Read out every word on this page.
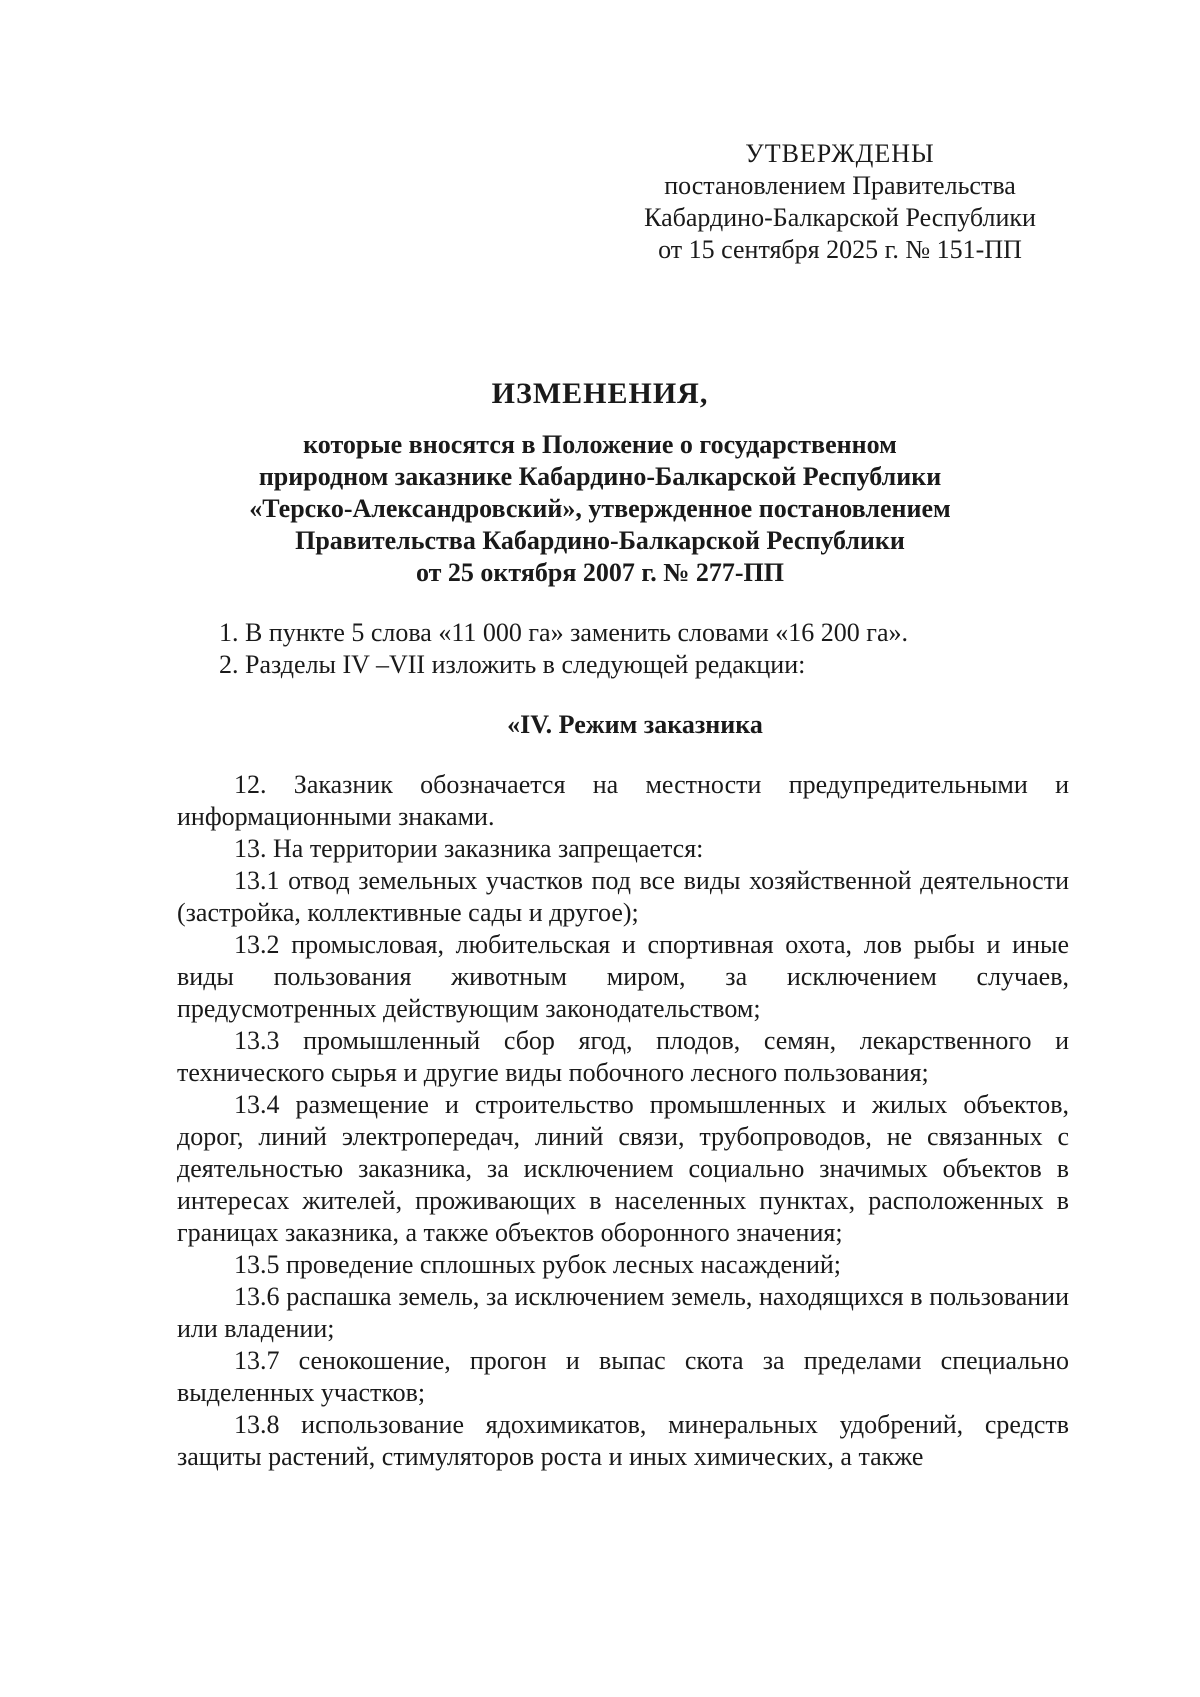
УТВЕРЖДЕНЫ
постановлением Правительства
Кабардино-Балкарской Республики
от 15 сентября 2025 г. № 151-ПП
ИЗМЕНЕНИЯ,
которые вносятся в Положение о государственном
природном заказнике Кабардино-Балкарской Республики
«Терско-Александровский», утвержденное постановлением
Правительства Кабардино-Балкарской Республики
от 25 октября 2007 г. № 277-ПП

1. В пункте 5 слова «11 000 га» заменить словами «16 200 га».

2. Разделы IV –VII изложить в следующей редакции:

«IV. Режим заказника

12. Заказник обозначается на местности предупредительными и информационными знаками.

13. На территории заказника запрещается:

13.1 отвод земельных участков под все виды хозяйственной деятельности (застройка, коллективные сады и другое);

13.2 промысловая, любительская и спортивная охота, лов рыбы и иные виды пользования животным миром, за исключением случаев, предусмотренных действующим законодательством;

13.3 промышленный сбор ягод, плодов, семян, лекарственного и технического сырья и другие виды побочного лесного пользования;

13.4 размещение и строительство промышленных и жилых объектов, дорог, линий электропередач, линий связи, трубопроводов, не связанных с деятельностью заказника, за исключением социально значимых объектов в интересах жителей, проживающих в населенных пунктах, расположенных в границах заказника, а также объектов оборонного значения;

13.5 проведение сплошных рубок лесных насаждений;

13.6 распашка земель, за исключением земель, находящихся в пользовании или владении;

13.7 сенокошение, прогон и выпас скота за пределами специально выделенных участков;

13.8 использование ядохимикатов, минеральных удобрений, средств защиты растений, стимуляторов роста и иных химических, а также
